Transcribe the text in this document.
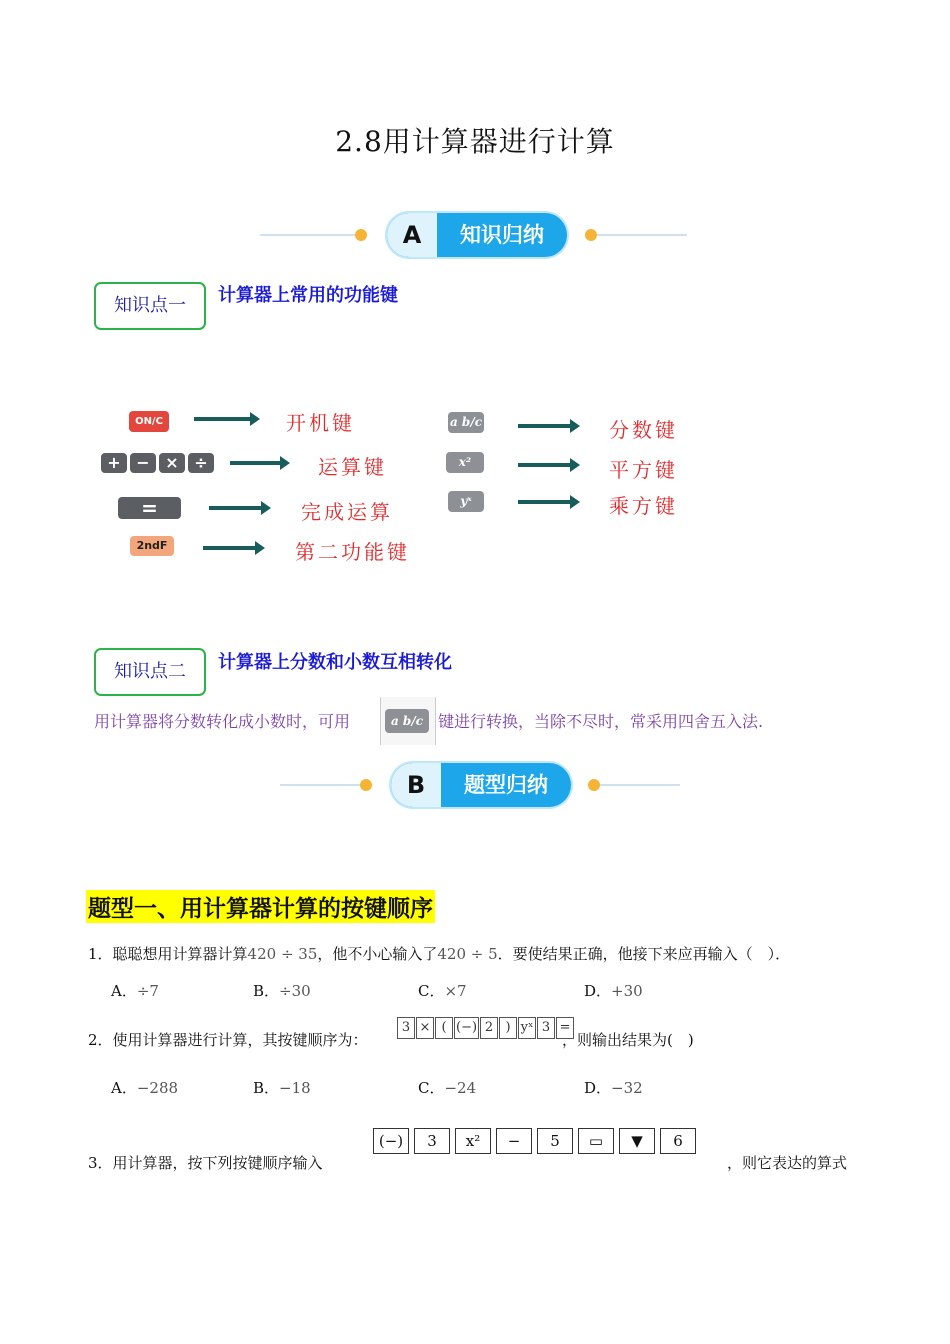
2.8用计算器进行计算
A	知识归纳
知识点一	计算器上常用的功能键
ON/C	开机键
+ − × ÷	运算键
=	完成运算
2ndF	第二功能键
a b/c	分数键
x²	平方键
yˣ	乘方键
知识点二	计算器上分数和小数互相转化
用计算器将分数转化成小数时，可用	a b/c 键进行转换，当除不尽时，常采用四舍五入法.
B	题型归纳
题型一、用计算器计算的按键顺序
1．聪聪想用计算器计算420 ÷ 35，他不小心输入了420 ÷ 5．要使结果正确，他接下来应再输入（　）．
A．÷7	B．÷30	C．×7	D．+30
2．使用计算器进行计算，其按键顺序为：
3 × ( (−) 2 ) yˣ 3 =
，则输出结果为(　)
A．−288	B．−18	C．−24	D．−32
(−) 3 x² − 5 ▭ ▼ 6
3．用计算器，按下列按键顺序输入	，则它表达的算式
